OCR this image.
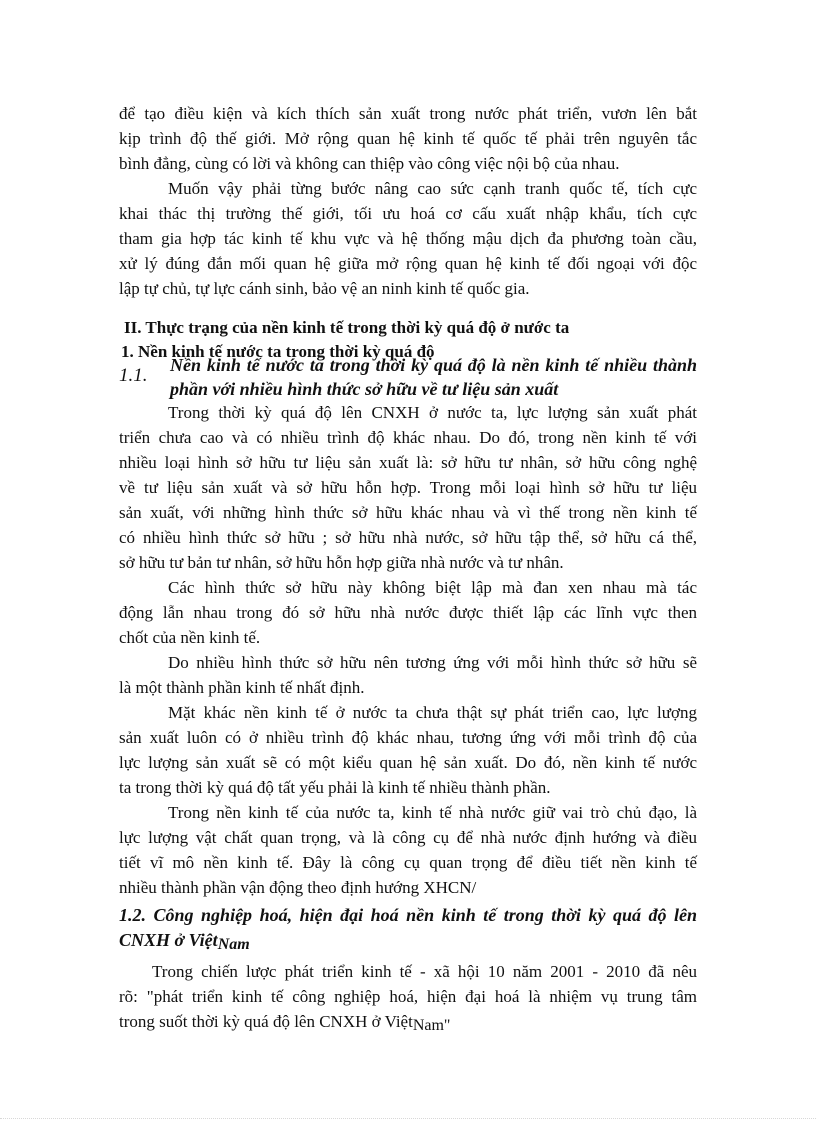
để tạo điều kiện và kích thích sản xuất trong nước phát triển, vươn lên bắt
kịp trình độ thế giới. Mở rộng quan hệ kinh tế quốc tế phải trên nguyên tắc
bình đẳng, cùng có lời và không can thiệp vào công việc nội bộ của nhau.
Muốn vậy phải từng bước nâng cao sức cạnh tranh quốc tế, tích cực
khai thác thị trường thế giới, tối ưu hoá cơ cấu xuất nhập khẩu, tích cực
tham gia hợp tác kinh tế khu vực và hệ thống mậu dịch đa phương toàn cầu,
xử lý đúng đắn mối quan hệ giữa mở rộng quan hệ kinh tế đối ngoại với độc
lập tự chủ, tự lực cánh sinh, bảo vệ an ninh kinh tế quốc gia.
II. Thực trạng của nền kinh tế trong thời kỳ quá độ ở nước ta
1. Nền kinh tế nước ta trong thời kỳ quá độ
1.1. Nền kinh tế nước ta trong thời kỳ quá độ là nền kinh tế nhiều thành
phần với nhiều hình thức sở hữu về tư liệu sản xuất
Trong thời kỳ quá độ lên CNXH ở nước ta, lực lượng sản xuất phát
triển chưa cao và có nhiều trình độ khác nhau. Do đó, trong nền kinh tế với
nhiều loại hình sở hữu tư liệu sản xuất là: sở hữu tư nhân, sở hữu công nghệ
về tư liệu sản xuất và sở hữu hỗn hợp. Trong mỗi loại hình sở hữu tư liệu
sản xuất, với những hình thức sở hữu khác nhau và vì thế trong nền kinh tế
có nhiều hình thức sở hữu ; sở hữu nhà nước, sở hữu tập thể, sở hữu cá thể,
sở hữu tư bản tư nhân, sở hữu hỗn hợp giữa nhà nước và tư nhân.
Các hình thức sở hữu này không biệt lập mà đan xen nhau mà tác
động lẫn nhau trong đó sở hữu nhà nước được thiết lập các lĩnh vực then
chốt của nền kinh tế.
Do nhiều hình thức sở hữu nên tương ứng với mỗi hình thức sở hữu sẽ
là một thành phần kinh tế nhất định.
Mặt khác nền kinh tế ở nước ta chưa thật sự phát triển cao, lực lượng
sản xuất luôn có ở nhiều trình độ khác nhau, tương ứng với mỗi trình độ của
lực lượng sản xuất sẽ có một kiểu quan hệ sản xuất. Do đó, nền kinh tế nước
ta trong thời kỳ quá độ tất yếu phải là kinh tế nhiều thành phần.
Trong nền kinh tế của nước ta, kinh tế nhà nước giữ vai trò chủ đạo, là
lực lượng vật chất quan trọng, và là công cụ để nhà nước định hướng và điều
tiết vĩ mô nền kinh tế. Đây là công cụ quan trọng để điều tiết nền kinh tế
nhiều thành phần vận động theo định hướng XHCN/
1.2. Công nghiệp hoá, hiện đại hoá nền kinh tế trong thời kỳ quá độ lên
CNXH ở ViệtNam
Trong chiến lược phát triển kinh tế - xã hội 10 năm 2001 - 2010 đã nêu
rõ: "phát triển kinh tế công nghiệp hoá, hiện đại hoá là nhiệm vụ trung tâm
trong suốt thời kỳ quá độ lên CNXH ở ViệtNam"
